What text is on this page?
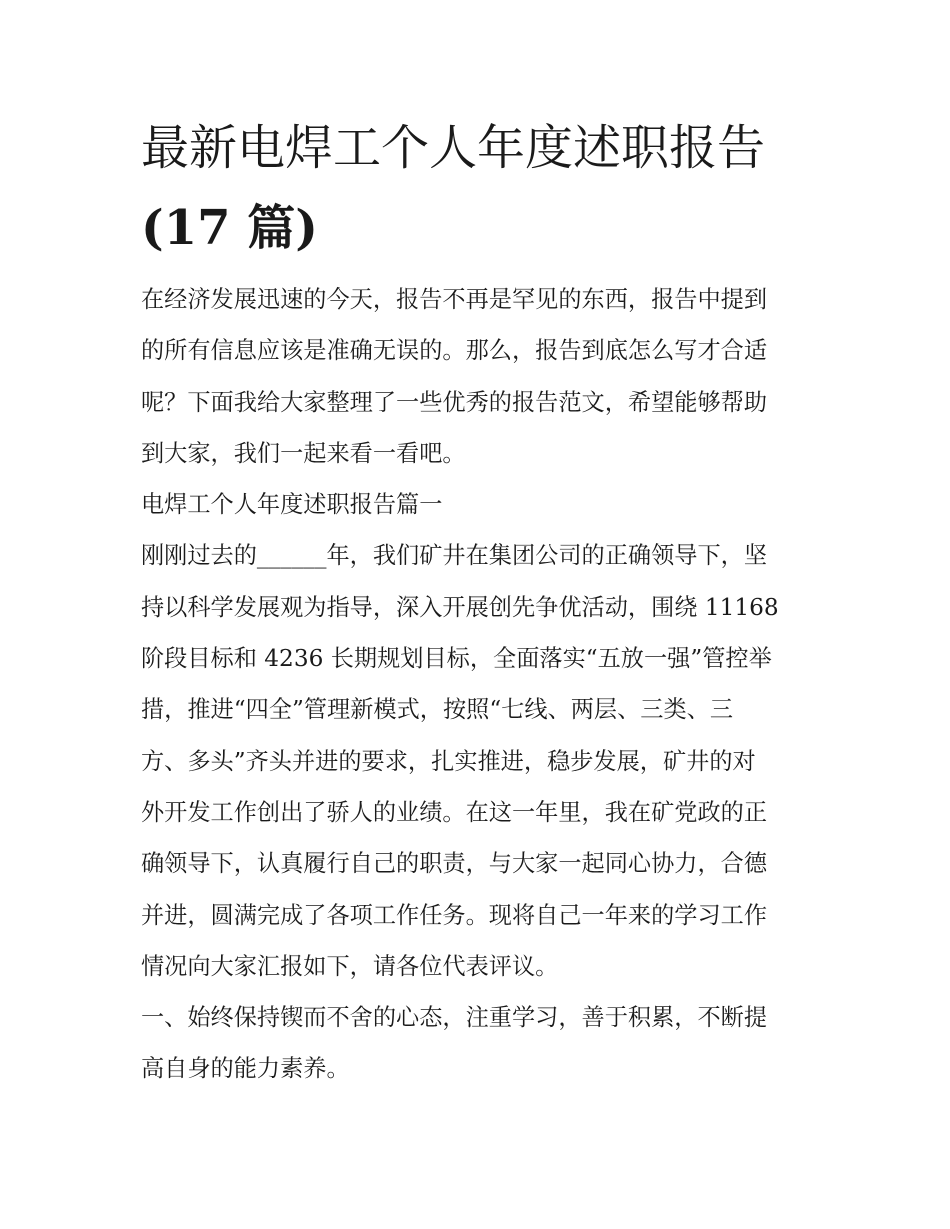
最新电焊工个人年度述职报告
(17 篇)
在经济发展迅速的今天，报告不再是罕见的东西，报告中提到
的所有信息应该是准确无误的。那么，报告到底怎么写才合适
呢？下面我给大家整理了一些优秀的报告范文，希望能够帮助
到大家，我们一起来看一看吧。
电焊工个人年度述职报告篇一
刚刚过去的______年，我们矿井在集团公司的正确领导下，坚
持以科学发展观为指导，深入开展创先争优活动，围绕 11168
阶段目标和 4236 长期规划目标，全面落实“五放一强”管控举
措，推进“四全”管理新模式，按照“七线、两层、三类、三
方、多头”齐头并进的要求，扎实推进，稳步发展，矿井的对
外开发工作创出了骄人的业绩。在这一年里，我在矿党政的正
确领导下，认真履行自己的职责，与大家一起同心协力，合德
并进，圆满完成了各项工作任务。现将自己一年来的学习工作
情况向大家汇报如下，请各位代表评议。
一、始终保持锲而不舍的心态，注重学习，善于积累，不断提
高自身的能力素养。
